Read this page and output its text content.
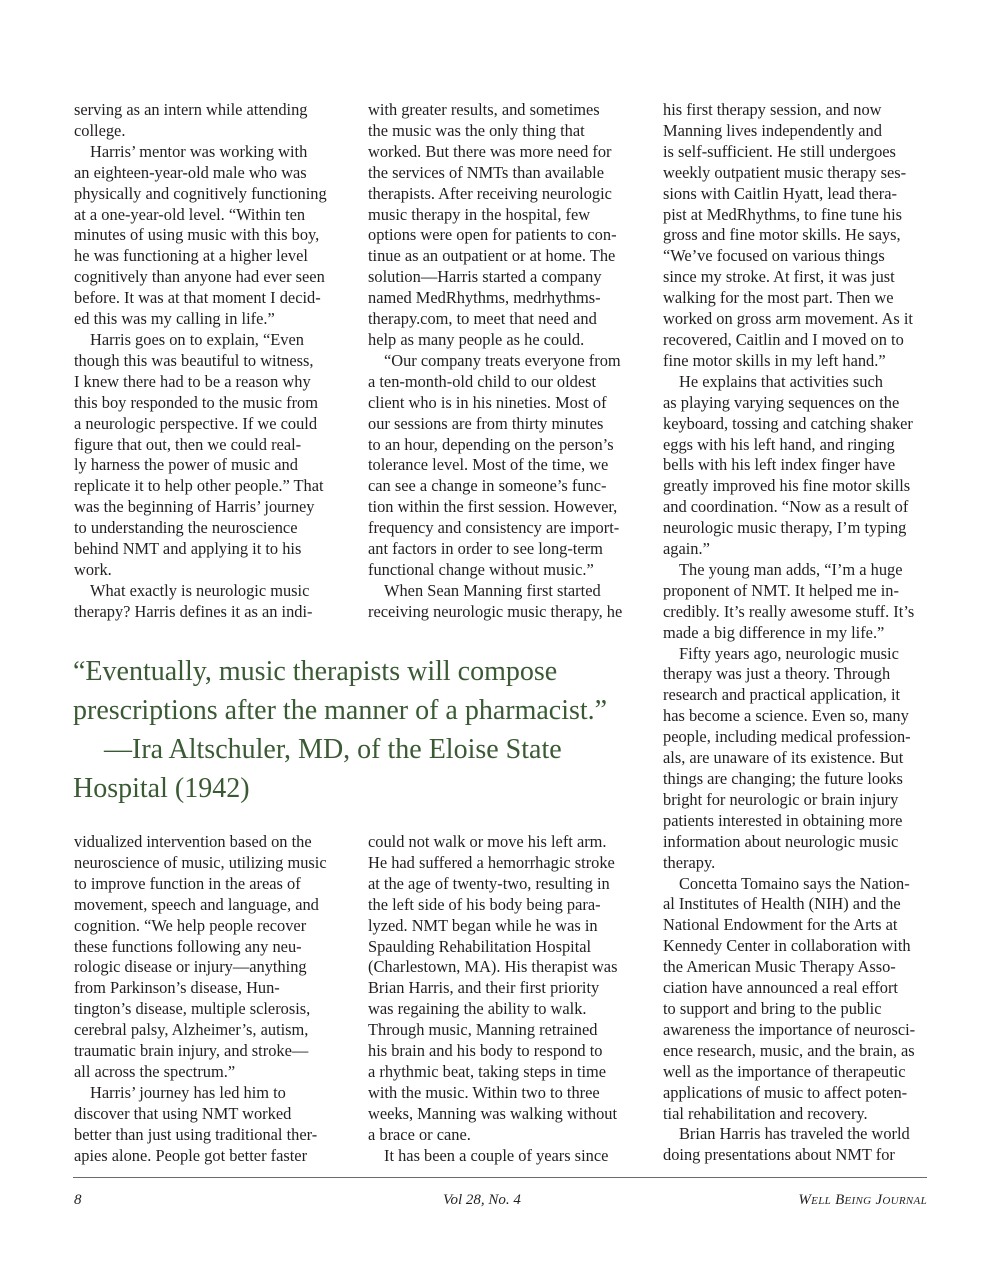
serving as an intern while attending

college.

Harris’ mentor was working with

an eighteen-year-old male who was

physically and cognitively functioning

at a one-year-old level. “Within ten

minutes of using music with this boy,

he was functioning at a higher level

cognitively than anyone had ever seen

before. It was at that moment I decid-

ed this was my calling in life.”

Harris goes on to explain, “Even

though this was beautiful to witness,

I knew there had to be a reason why

this boy responded to the music from

a neurologic perspective. If we could

figure that out, then we could real-

ly harness the power of music and

replicate it to help other people.” That

was the beginning of Harris’ journey

to understanding the neuroscience

behind NMT and applying it to his

work.

What exactly is neurologic music

therapy? Harris defines it as an indi-

with greater results, and sometimes

the music was the only thing that

worked. But there was more need for

the services of NMTs than available

therapists. After receiving neurologic

music therapy in the hospital, few

options were open for patients to con-

tinue as an outpatient or at home. The

solution—Harris started a company

named MedRhythms, medrhythms-

therapy.com, to meet that need and

help as many people as he could.

“Our company treats everyone from

a ten-month-old child to our oldest

client who is in his nineties. Most of

our sessions are from thirty minutes

to an hour, depending on the person’s

tolerance level. Most of the time, we

can see a change in someone’s func-

tion within the first session. However,

frequency and consistency are import-

ant factors in order to see long-term

functional change without music.”

When Sean Manning first started

receiving neurologic music therapy, he

his first therapy session, and now

Manning lives independently and

is self-sufficient. He still undergoes

weekly outpatient music therapy ses-

sions with Caitlin Hyatt, lead thera-

pist at MedRhythms, to fine tune his

gross and fine motor skills. He says,

“We’ve focused on various things

since my stroke. At first, it was just

walking for the most part. Then we

worked on gross arm movement. As it

recovered, Caitlin and I moved on to

fine motor skills in my left hand.”

He explains that activities such

as playing varying sequences on the

keyboard, tossing and catching shaker

eggs with his left hand, and ringing

bells with his left index finger have

greatly improved his fine motor skills

and coordination. “Now as a result of

neurologic music therapy, I’m typing

again.”

The young man adds, “I’m a huge

proponent of NMT. It helped me in-

credibly. It’s really awesome stuff. It’s

made a big difference in my life.”

Fifty years ago, neurologic music

therapy was just a theory. Through

research and practical application, it

has become a science. Even so, many

people, including medical profession-

als, are unaware of its existence. But

things are changing; the future looks

bright for neurologic or brain injury

patients interested in obtaining more

information about neurologic music

therapy.

Concetta Tomaino says the Nation-

al Institutes of Health (NIH) and the

National Endowment for the Arts at

Kennedy Center in collaboration with

the American Music Therapy Asso-

ciation have announced a real effort

to support and bring to the public

awareness the importance of neurosci-

ence research, music, and the brain, as

well as the importance of therapeutic

applications of music to affect poten-

tial rehabilitation and recovery.

Brian Harris has traveled the world

doing presentations about NMT for

“Eventually, music therapists will compose

prescriptions after the manner of a pharmacist.”

—Ira Altschuler, MD, of the Eloise State

Hospital (1942)

vidualized intervention based on the

neuroscience of music, utilizing music

to improve function in the areas of

movement, speech and language, and

cognition. “We help people recover

these functions following any neu-

rologic disease or injury—anything

from Parkinson’s disease, Hun-

tington’s disease, multiple sclerosis,

cerebral palsy, Alzheimer’s, autism,

traumatic brain injury, and stroke—

all across the spectrum.”

Harris’ journey has led him to

discover that using NMT worked

better than just using traditional ther-

apies alone. People got better faster

could not walk or move his left arm.

He had suffered a hemorrhagic stroke

at the age of twenty-two, resulting in

the left side of his body being para-

lyzed. NMT began while he was in

Spaulding Rehabilitation Hospital

(Charlestown, MA). His therapist was

Brian Harris, and their first priority

was regaining the ability to walk.

Through music, Manning retrained

his brain and his body to respond to

a rhythmic beat, taking steps in time

with the music. Within two to three

weeks, Manning was walking without

a brace or cane.

It has been a couple of years since

8	Vol 28, No. 4	Well Being Journal
